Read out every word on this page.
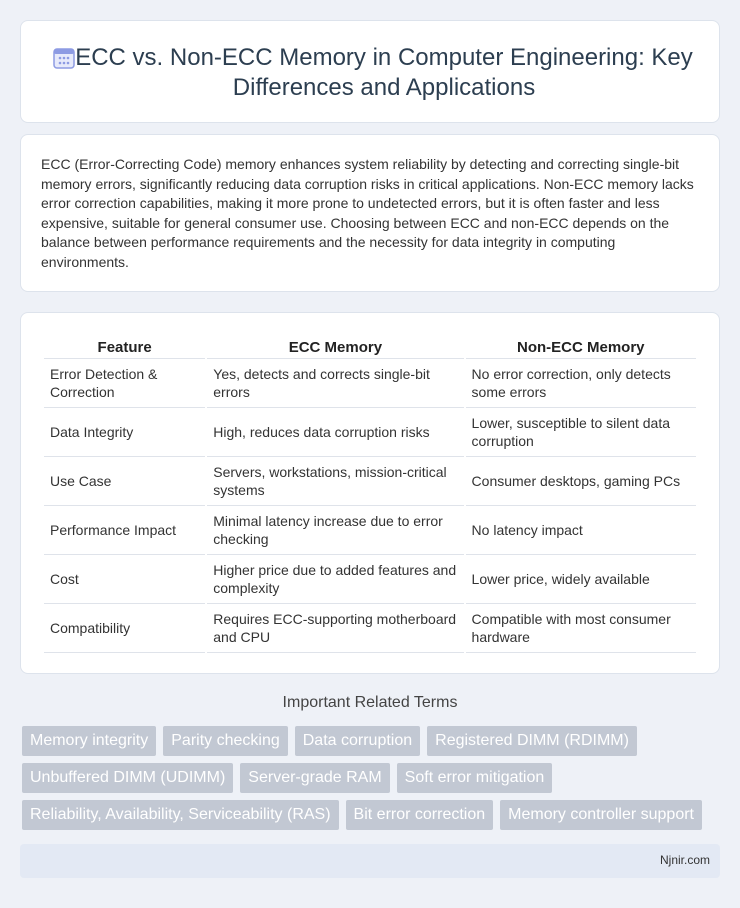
ECC vs. Non-ECC Memory in Computer Engineering: Key Differences and Applications

ECC (Error-Correcting Code) memory enhances system reliability by detecting and correcting single-bit memory errors, significantly reducing data corruption risks in critical applications. Non-ECC memory lacks error correction capabilities, making it more prone to undetected errors, but it is often faster and less expensive, suitable for general consumer use. Choosing between ECC and non-ECC depends on the balance between performance requirements and the necessity for data integrity in computing environments.

Feature	ECC Memory	Non-ECC Memory
Error Detection & Correction	Yes, detects and corrects single-bit errors	No error correction, only detects some errors
Data Integrity	High, reduces data corruption risks	Lower, susceptible to silent data corruption
Use Case	Servers, workstations, mission-critical systems	Consumer desktops, gaming PCs
Performance Impact	Minimal latency increase due to error checking	No latency impact
Cost	Higher price due to added features and complexity	Lower price, widely available
Compatibility	Requires ECC-supporting motherboard and CPU	Compatible with most consumer hardware
Important Related Terms
Memory integrity	Parity checking	Data corruption	Registered DIMM (RDIMM)
Unbuffered DIMM (UDIMM)	Server-grade RAM	Soft error mitigation
Reliability, Availability, Serviceability (RAS)	Bit error correction	Memory controller support
Njnir.com
